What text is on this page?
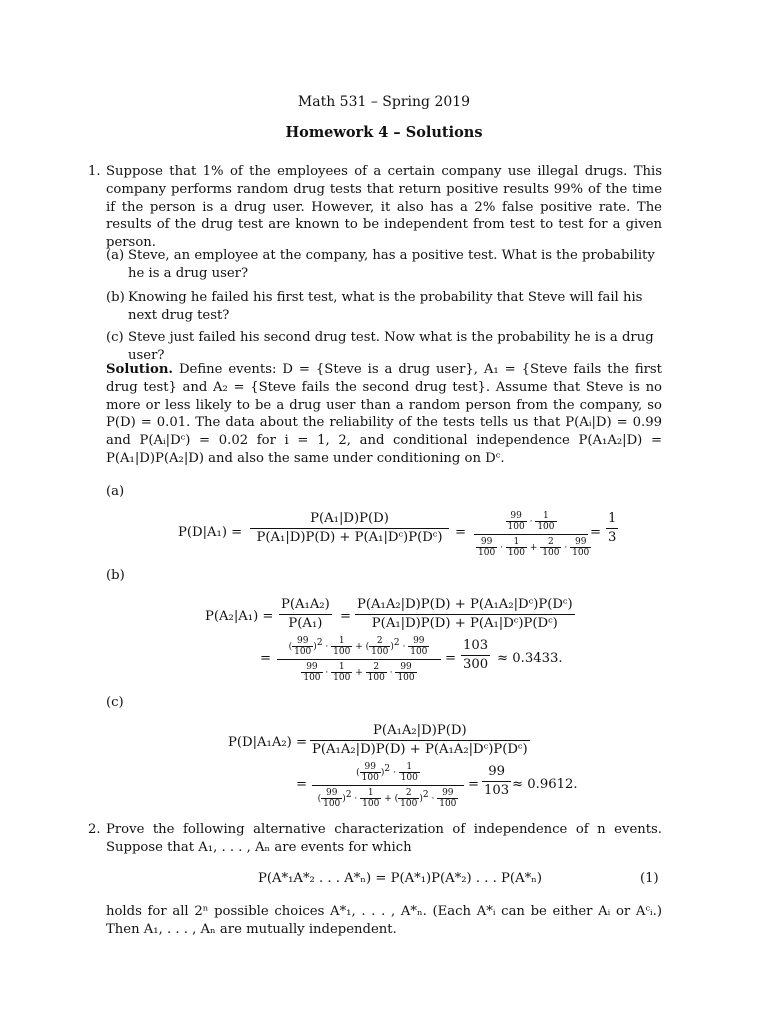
Math 531 – Spring 2019
Homework 4 – Solutions
1. Suppose that 1% of the employees of a certain company use illegal drugs. This company performs random drug tests that return positive results 99% of the time if the person is a drug user. However, it also has a 2% false positive rate. The results of the drug test are known to be independent from test to test for a given person.
(a) Steve, an employee at the company, has a positive test. What is the probability he is a drug user?
(b) Knowing he failed his first test, what is the probability that Steve will fail his next drug test?
(c) Steve just failed his second drug test. Now what is the probability he is a drug user?
Solution. Define events: D = {Steve is a drug user}, A₁ = {Steve fails the first drug test} and A₂ = {Steve fails the second drug test}. Assume that Steve is no more or less likely to be a drug user than a random person from the company, so P(D) = 0.01. The data about the reliability of the tests tells us that P(Aᵢ|D) = 0.99 and P(Aᵢ|Dᶜ) = 0.02 for i = 1, 2, and conditional independence P(A₁A₂|D) = P(A₁|D)P(A₂|D) and also the same under conditioning on Dᶜ.
(a)
$P(D|A_1) = \frac{\text{P(A₁|D)P(D)}}{\text{P(A₁|D)P(D) + P(A₁|Dᶜ)P(Dᶜ)}}$ =
$\frac{99}{100} \cdot \frac{1}{100}$
$\frac{99}{100} \cdot \frac{1}{100} + \frac{2}{100} \cdot \frac{99}{100}$
= $\frac{1}{3}$
(b)
$P(A_2|A_1) = \frac{\text{P(A₁A₂)}}{\text{P(A₁)}} = \frac{\text{P(A₁A₂|D)P(D) + P(A₁A₂|Dᶜ)P(Dᶜ)}}{\text{P(A₁|D)P(D) + P(A₁|Dᶜ)P(Dᶜ)}}$
=
( $\frac{99}{100} )^2 \cdot \frac{1}{100}$ + ( $\frac{2}{100} )^2 \cdot \frac{99}{100}$
$\frac{99}{100} \cdot \frac{1}{100} + \frac{2}{100} \cdot \frac{99}{100}$
= $\frac{103}{300} \approx 0.3433$.
(c)
$P(D|A_1A_2) = \frac{\text{P(A₁A₂|D)P(D)}}{\text{P(A₁A₂|D)P(D) + P(A₁A₂|Dᶜ)P(Dᶜ)}}$
=
( $\frac{99}{100} )^2 \cdot \frac{1}{100}$
( $\frac{99}{100} )^2 \cdot \frac{1}{100}$ + ( $\frac{2}{100} )^2 \cdot \frac{99}{100}$
= $\frac{99}{103} \approx 0.9612$.
2. Prove the following alternative characterization of independence of n events. Suppose that A₁, . . . , Aₙ are events for which
P(A*₁A*₂ . . . A*ₙ) = P(A*₁)P(A*₂) . . . P(A*ₙ)	(1)
holds for all 2ⁿ possible choices A*₁, . . . , A*ₙ. (Each A*ᵢ can be either Aᵢ or Aᶜᵢ.) Then A₁, . . . , Aₙ are mutually independent.
